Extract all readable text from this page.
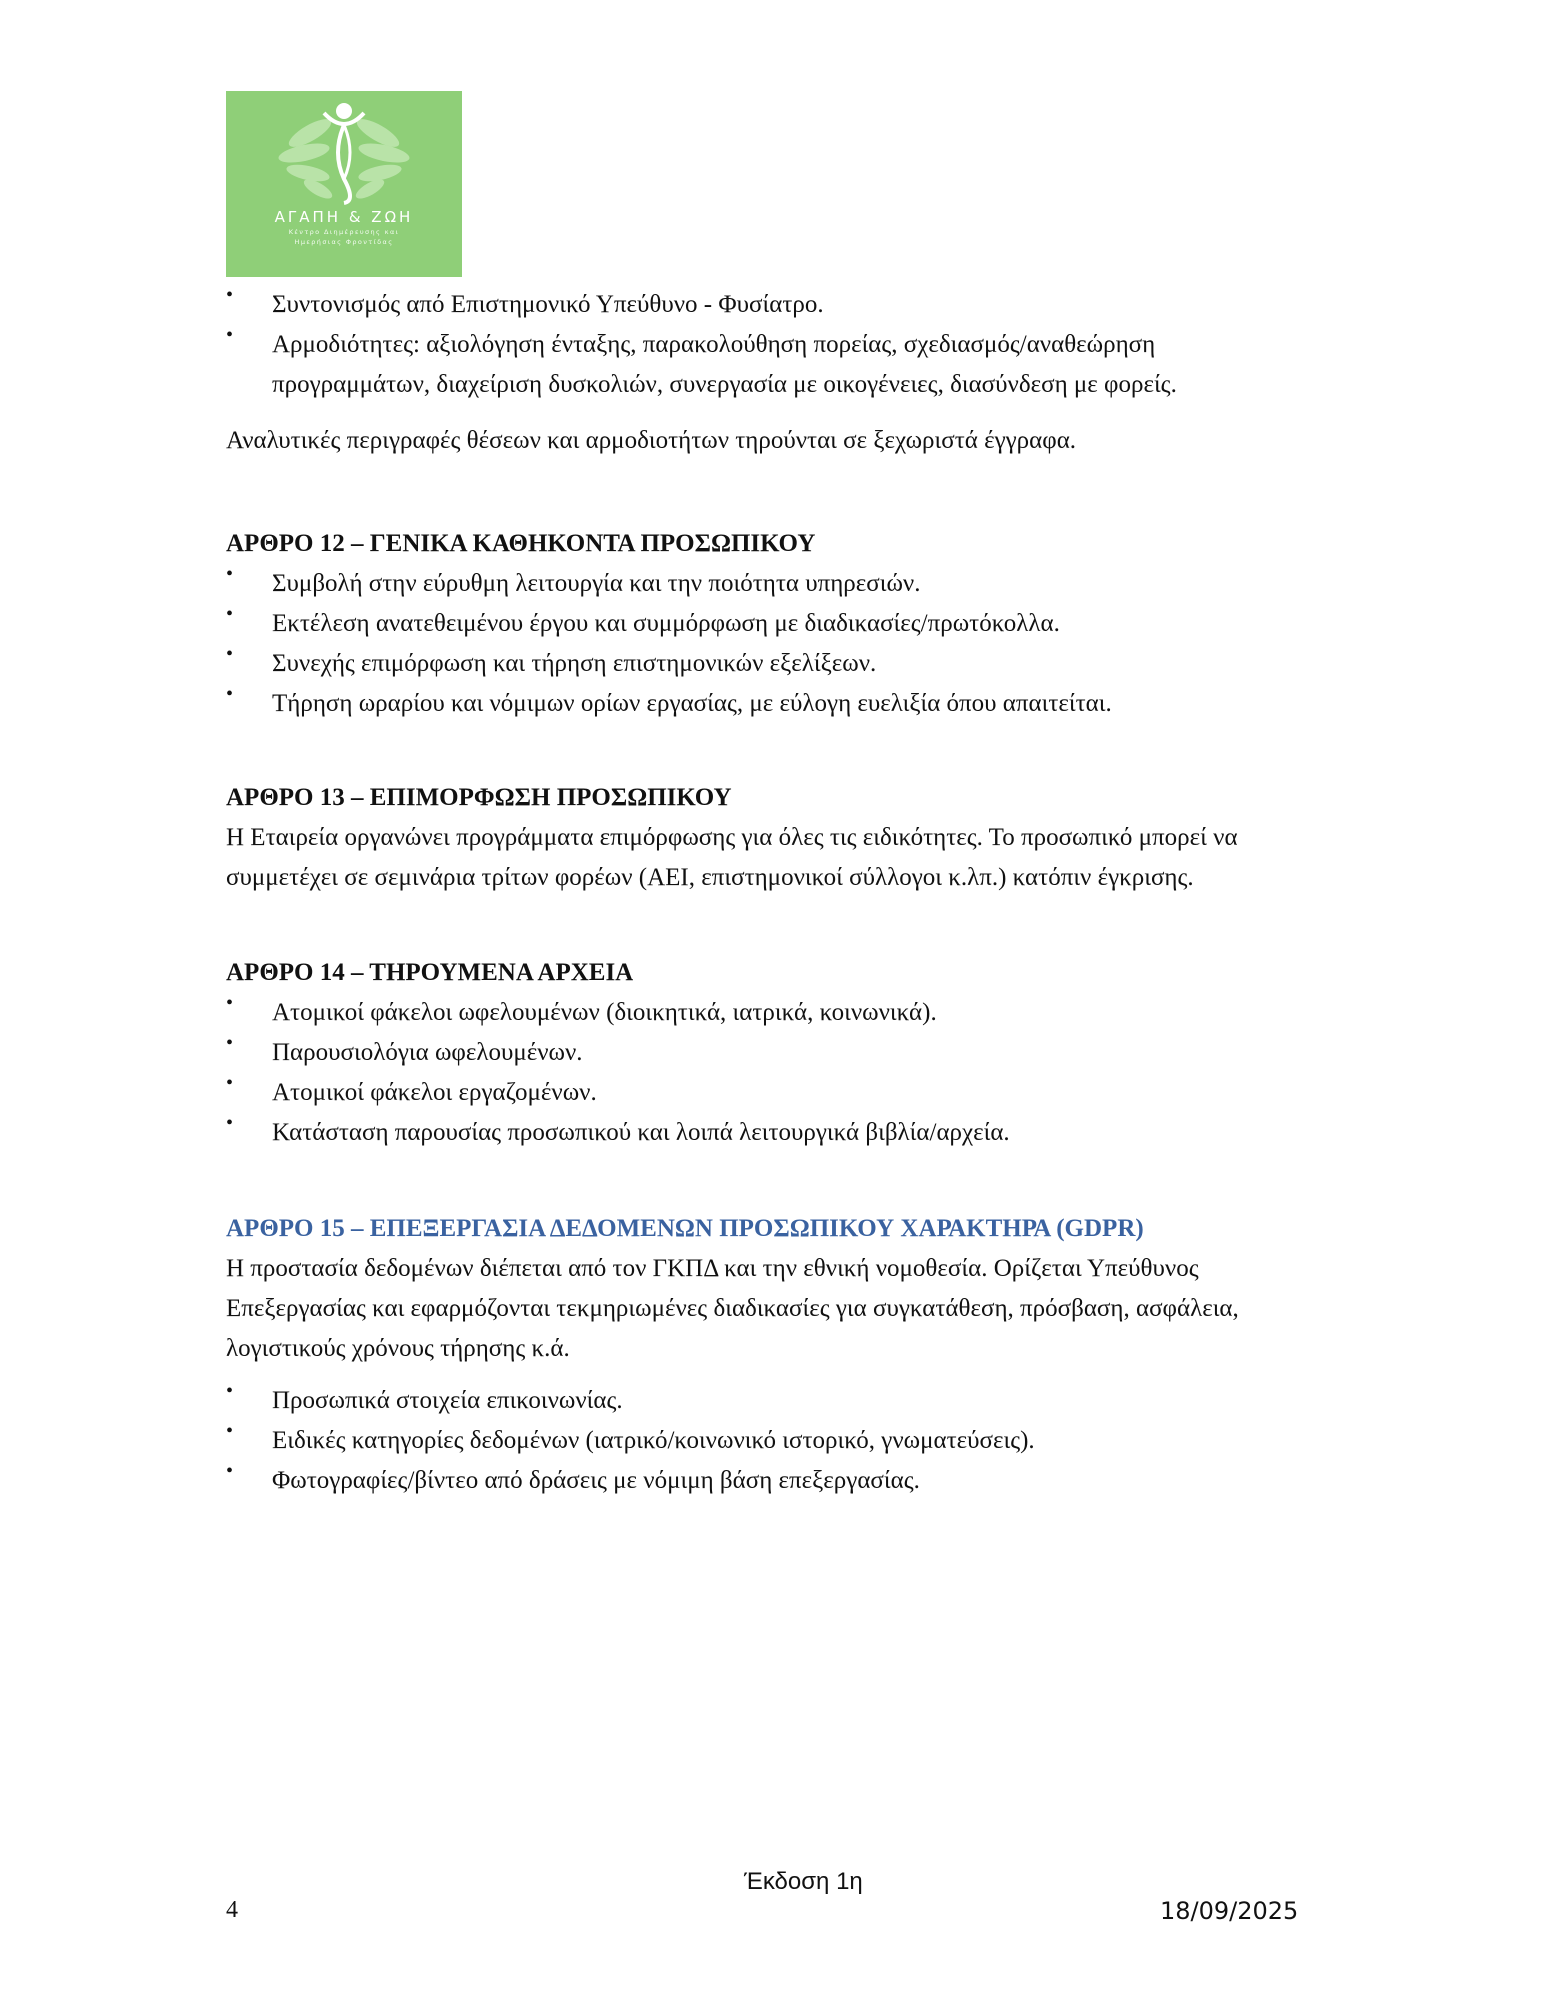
ΑΓΑΠΗ & ΖΩΗ
Κέντρο Διημέρευσης και
Ημερήσιας Φροντίδας
• Συντονισμός από Επιστημονικό Υπεύθυνο - Φυσίατρο.
• Αρμοδιότητες: αξιολόγηση ένταξης, παρακολούθηση πορείας, σχεδιασμός/αναθεώρηση προγραμμάτων, διαχείριση δυσκολιών, συνεργασία με οικογένειες, διασύνδεση με φορείς.

Αναλυτικές περιγραφές θέσεων και αρμοδιοτήτων τηρούνται σε ξεχωριστά έγγραφα.

ΑΡΘΡΟ 12 – ΓΕΝΙΚΑ ΚΑΘΗΚΟΝΤΑ ΠΡΟΣΩΠΙΚΟΥ
• Συμβολή στην εύρυθμη λειτουργία και την ποιότητα υπηρεσιών.
• Εκτέλεση ανατεθειμένου έργου και συμμόρφωση με διαδικασίες/πρωτόκολλα.
• Συνεχής επιμόρφωση και τήρηση επιστημονικών εξελίξεων.
• Τήρηση ωραρίου και νόμιμων ορίων εργασίας, με εύλογη ευελιξία όπου απαιτείται.
ΑΡΘΡΟ 13 – ΕΠΙΜΟΡΦΩΣΗ ΠΡΟΣΩΠΙΚΟΥ

Η Εταιρεία οργανώνει προγράμματα επιμόρφωσης για όλες τις ειδικότητες. Το προσωπικό μπορεί να συμμετέχει σε σεμινάρια τρίτων φορέων (ΑΕΙ, επιστημονικοί σύλλογοι κ.λπ.) κατόπιν έγκρισης.

ΑΡΘΡΟ 14 – ΤΗΡΟΥΜΕΝΑ ΑΡΧΕΙΑ
• Ατομικοί φάκελοι ωφελουμένων (διοικητικά, ιατρικά, κοινωνικά).
• Παρουσιολόγια ωφελουμένων.
• Ατομικοί φάκελοι εργαζομένων.
• Κατάσταση παρουσίας προσωπικού και λοιπά λειτουργικά βιβλία/αρχεία.
ΑΡΘΡΟ 15 – ΕΠΕΞΕΡΓΑΣΙΑ ΔΕΔΟΜΕΝΩΝ ΠΡΟΣΩΠΙΚΟΥ ΧΑΡΑΚΤΗΡΑ (GDPR)

Η προστασία δεδομένων διέπεται από τον ΓΚΠΔ και την εθνική νομοθεσία. Ορίζεται Υπεύθυνος Επεξεργασίας και εφαρμόζονται τεκμηριωμένες διαδικασίες για συγκατάθεση, πρόσβαση, ασφάλεια, λογιστικούς χρόνους τήρησης κ.ά.

• Προσωπικά στοιχεία επικοινωνίας.
• Ειδικές κατηγορίες δεδομένων (ιατρικό/κοινωνικό ιστορικό, γνωματεύσεις).
• Φωτογραφίες/βίντεο από δράσεις με νόμιμη βάση επεξεργασίας.
Έκδοση 1η
4	18/09/2025
